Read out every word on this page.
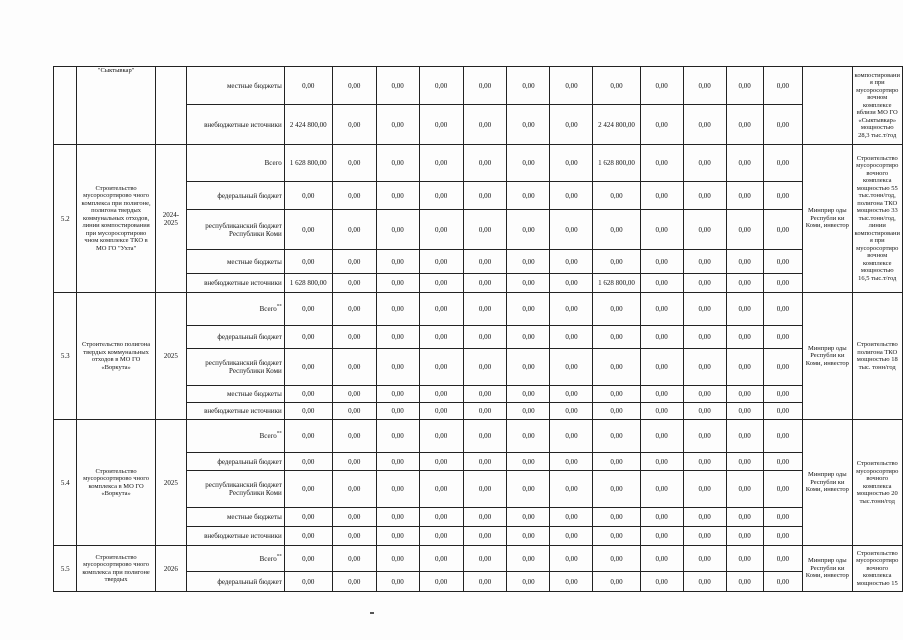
	"Сыктывкар"		местные бюджеты	0,00	0,00	0,00	0,00	0,00	0,00	0,00	0,00	0,00	0,00	0,00	0,00		компостировани я при мусоросортиро вочном комплексе вблизи МО ГО «Сыктывкар» мощностью 28,3 тыс.т/год
			внебюджетные источники	2 424 800,00	0,00	0,00	0,00	0,00	0,00	0,00	2 424 800,00	0,00	0,00	0,00	0,00		
5.2	Строительство мусоросортирово чного комплекса при полигоне, полигона твердых коммунальных отходов, линии компостирования при мусоросортирово чном комплексе ТКО в МО ГО "Ухта"	2024-2025	Всего	1 628 800,00	0,00	0,00	0,00	0,00	0,00	0,00	1 628 800,00	0,00	0,00	0,00	0,00	Минприр оды Республи ки Коми, инвестор	Строительство мусоросортиро вочного комплекса мощностью 55 тыс.тонн/год, полигона ТКО мощностью 33 тыс.тонн/год, линии компостировани я при мусоросортиро вочном комплексе мощностью 16,5 тыс.т/год
			федеральный бюджет	0,00	0,00	0,00	0,00	0,00	0,00	0,00	0,00	0,00	0,00	0,00	0,00		
			республиканский бюджет Республики Коми	0,00	0,00	0,00	0,00	0,00	0,00	0,00	0,00	0,00	0,00	0,00	0,00		
			местные бюджеты	0,00	0,00	0,00	0,00	0,00	0,00	0,00	0,00	0,00	0,00	0,00	0,00		
			внебюджетные источники	1 628 800,00	0,00	0,00	0,00	0,00	0,00	0,00	1 628 800,00	0,00	0,00	0,00	0,00		
5.3	Строительство полигона твердых коммунальных отходов в МО ГО «Воркута»	2025	Всего**	0,00	0,00	0,00	0,00	0,00	0,00	0,00	0,00	0,00	0,00	0,00	0,00	Минприр оды Республи ки Коми, инвестор	Строительство полигона ТКО мощностью 18 тыс. тонн/год
			федеральный бюджет	0,00	0,00	0,00	0,00	0,00	0,00	0,00	0,00	0,00	0,00	0,00	0,00		
			республиканский бюджет Республики Коми	0,00	0,00	0,00	0,00	0,00	0,00	0,00	0,00	0,00	0,00	0,00	0,00		
			местные бюджеты	0,00	0,00	0,00	0,00	0,00	0,00	0,00	0,00	0,00	0,00	0,00	0,00		
			внебюджетные источники	0,00	0,00	0,00	0,00	0,00	0,00	0,00	0,00	0,00	0,00	0,00	0,00		
5.4	Строительство мусоросортирово чного комплекса в МО ГО «Воркута»	2025	Всего**	0,00	0,00	0,00	0,00	0,00	0,00	0,00	0,00	0,00	0,00	0,00	0,00	Минприр оды Республи ки Коми, инвестор	Строительство мусоросортиро вочного комплекса мощностью 20 тыс.тонн/год
			федеральный бюджет	0,00	0,00	0,00	0,00	0,00	0,00	0,00	0,00	0,00	0,00	0,00	0,00		
			республиканский бюджет Республики Коми	0,00	0,00	0,00	0,00	0,00	0,00	0,00	0,00	0,00	0,00	0,00	0,00		
			местные бюджеты	0,00	0,00	0,00	0,00	0,00	0,00	0,00	0,00	0,00	0,00	0,00	0,00		
			внебюджетные источники	0,00	0,00	0,00	0,00	0,00	0,00	0,00	0,00	0,00	0,00	0,00	0,00		
5.5	Строительство мусоросортирово чного комплекса при полигоне твердых	2026	Всего**	0,00	0,00	0,00	0,00	0,00	0,00	0,00	0,00	0,00	0,00	0,00	0,00	Минприр оды Республи ки Коми, инвестор	Строительство мусоросортиро вочного комплекса мощностью 15
			федеральный бюджет	0,00	0,00	0,00	0,00	0,00	0,00	0,00	0,00	0,00	0,00	0,00	0,00		
